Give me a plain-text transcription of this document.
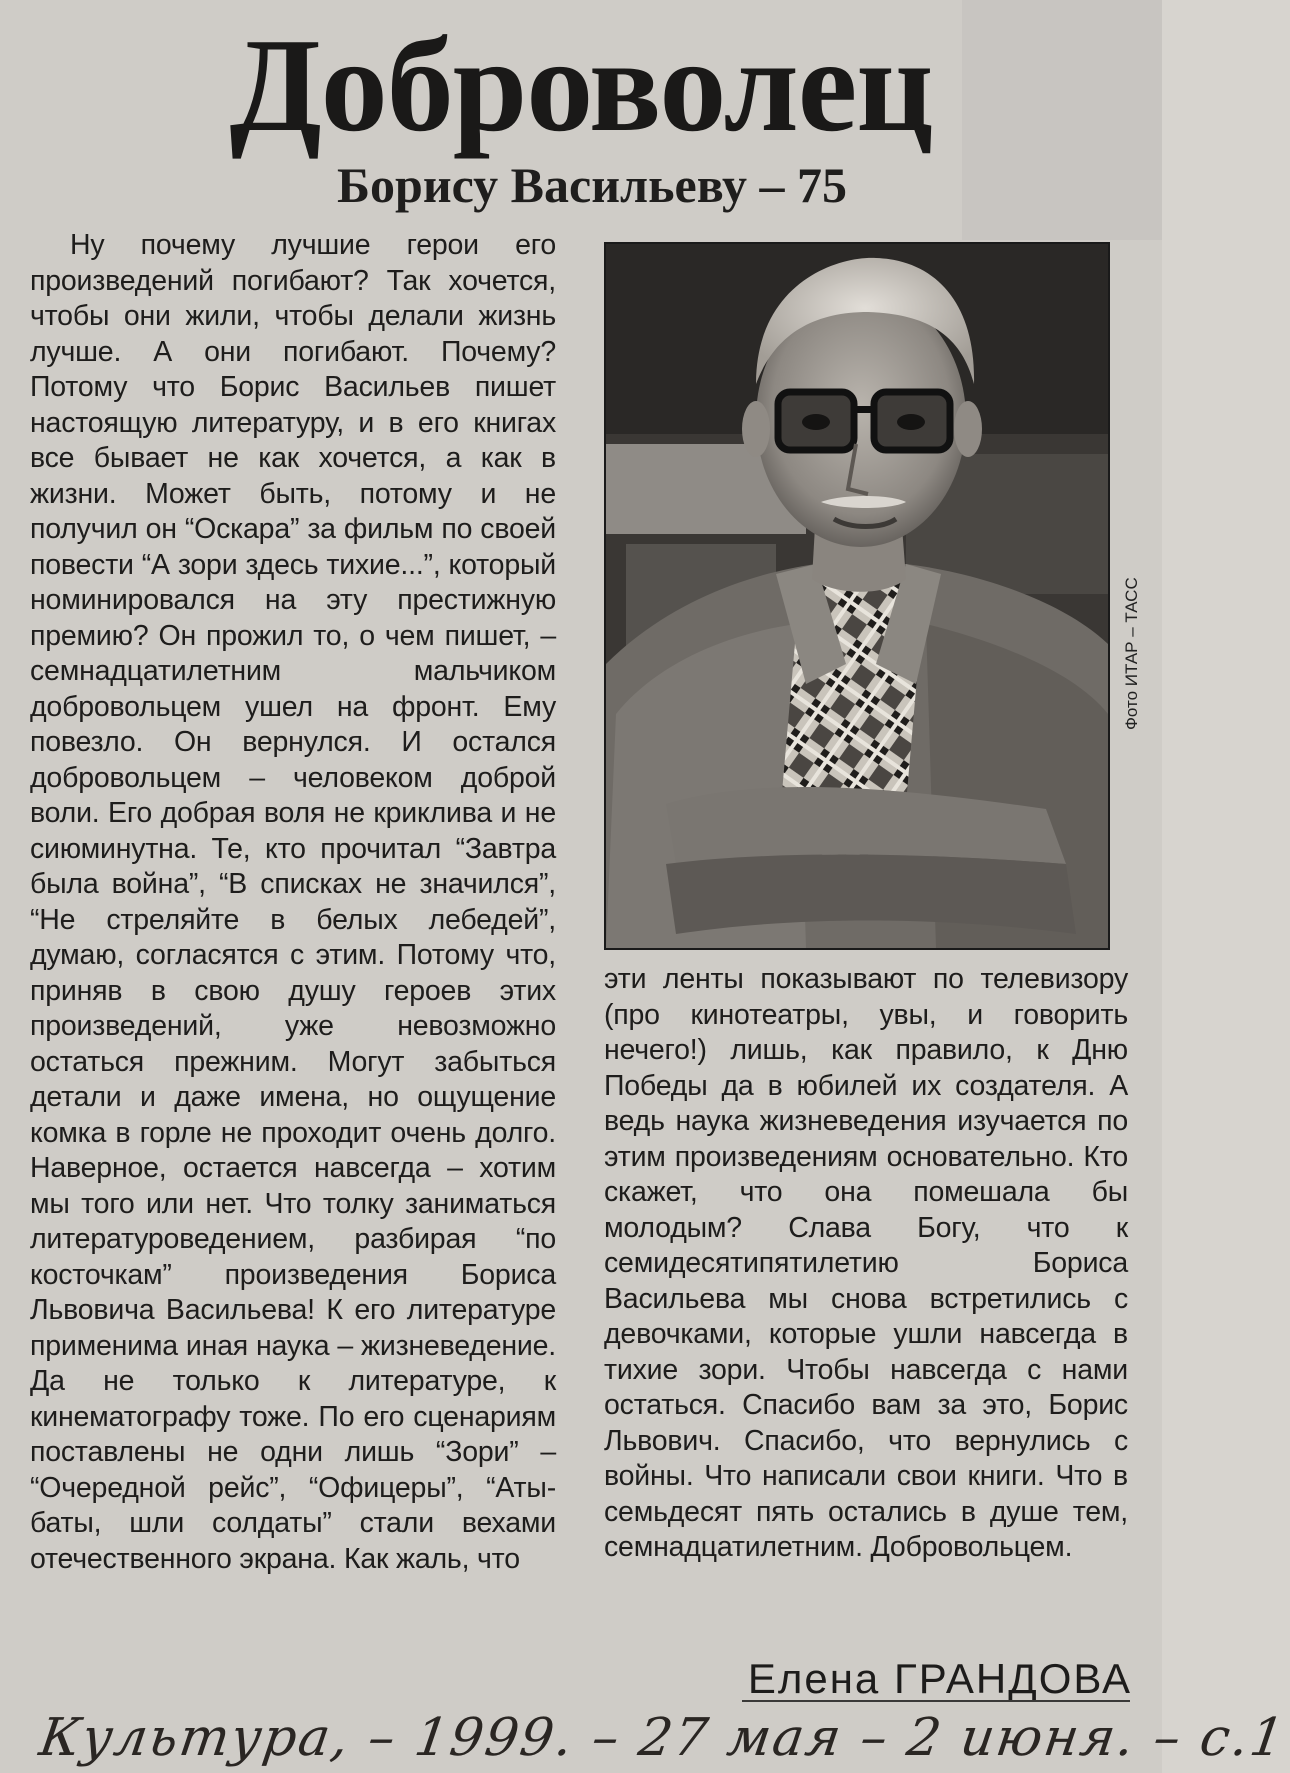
Доброволец
Борису Васильеву – 75

Ну почему лучшие герои его произведений погибают? Так хочется, чтобы они жили, чтобы делали жизнь лучше. А они погибают. Почему? Потому что Борис Васильев пишет настоящую литературу, и в его книгах все бывает не как хочется, а как в жизни. Может быть, потому и не получил он “Оскара” за фильм по своей повести “А зори здесь тихие...”, который номинировался на эту престижную премию? Он прожил то, о чем пишет, – семнадцатилетним мальчиком добровольцем ушел на фронт. Ему повезло. Он вернулся. И остался добровольцем – человеком доброй воли. Его добрая воля не криклива и не сиюминутна. Те, кто прочитал “Завтра была война”, “В списках не значился”, “Не стреляйте в белых лебедей”, думаю, согласятся с этим. Потому что, приняв в свою душу героев этих произведений, уже невозможно остаться прежним. Могут забыться детали и даже имена, но ощущение комка в горле не проходит очень долго. Наверное, остается навсегда – хотим мы того или нет. Что толку заниматься литературоведением, разбирая “по косточкам” произведения Бориса Львовича Васильева! К его литературе применима иная наука – жизневедение. Да не только к литературе, к кинематографу тоже. По его сценариям поставлены не одни лишь “Зори” – “Очередной рейс”, “Офицеры”, “Аты-баты, шли солдаты” стали вехами отечественного экрана. Как жаль, что

Фото ИТАР – ТАСС

эти ленты показывают по телевизору (про кинотеатры, увы, и говорить нечего!) лишь, как правило, к Дню Победы да в юбилей их создателя. А ведь наука жизневедения изучается по этим произведениям основательно. Кто скажет, что она помешала бы молодым? Слава Богу, что к семидесятипятилетию Бориса Васильева мы снова встретились с девочками, которые ушли навсегда в тихие зори. Чтобы навсегда с нами остаться. Спасибо вам за это, Борис Львович. Спасибо, что вернулись с войны. Что написали свои книги. Что в семьдесят пять остались в душе тем, семнадцатилетним. Добровольцем.

Елена ГРАНДОВА

Культура, – 1999. – 27 мая – 2 июня. – с.1
